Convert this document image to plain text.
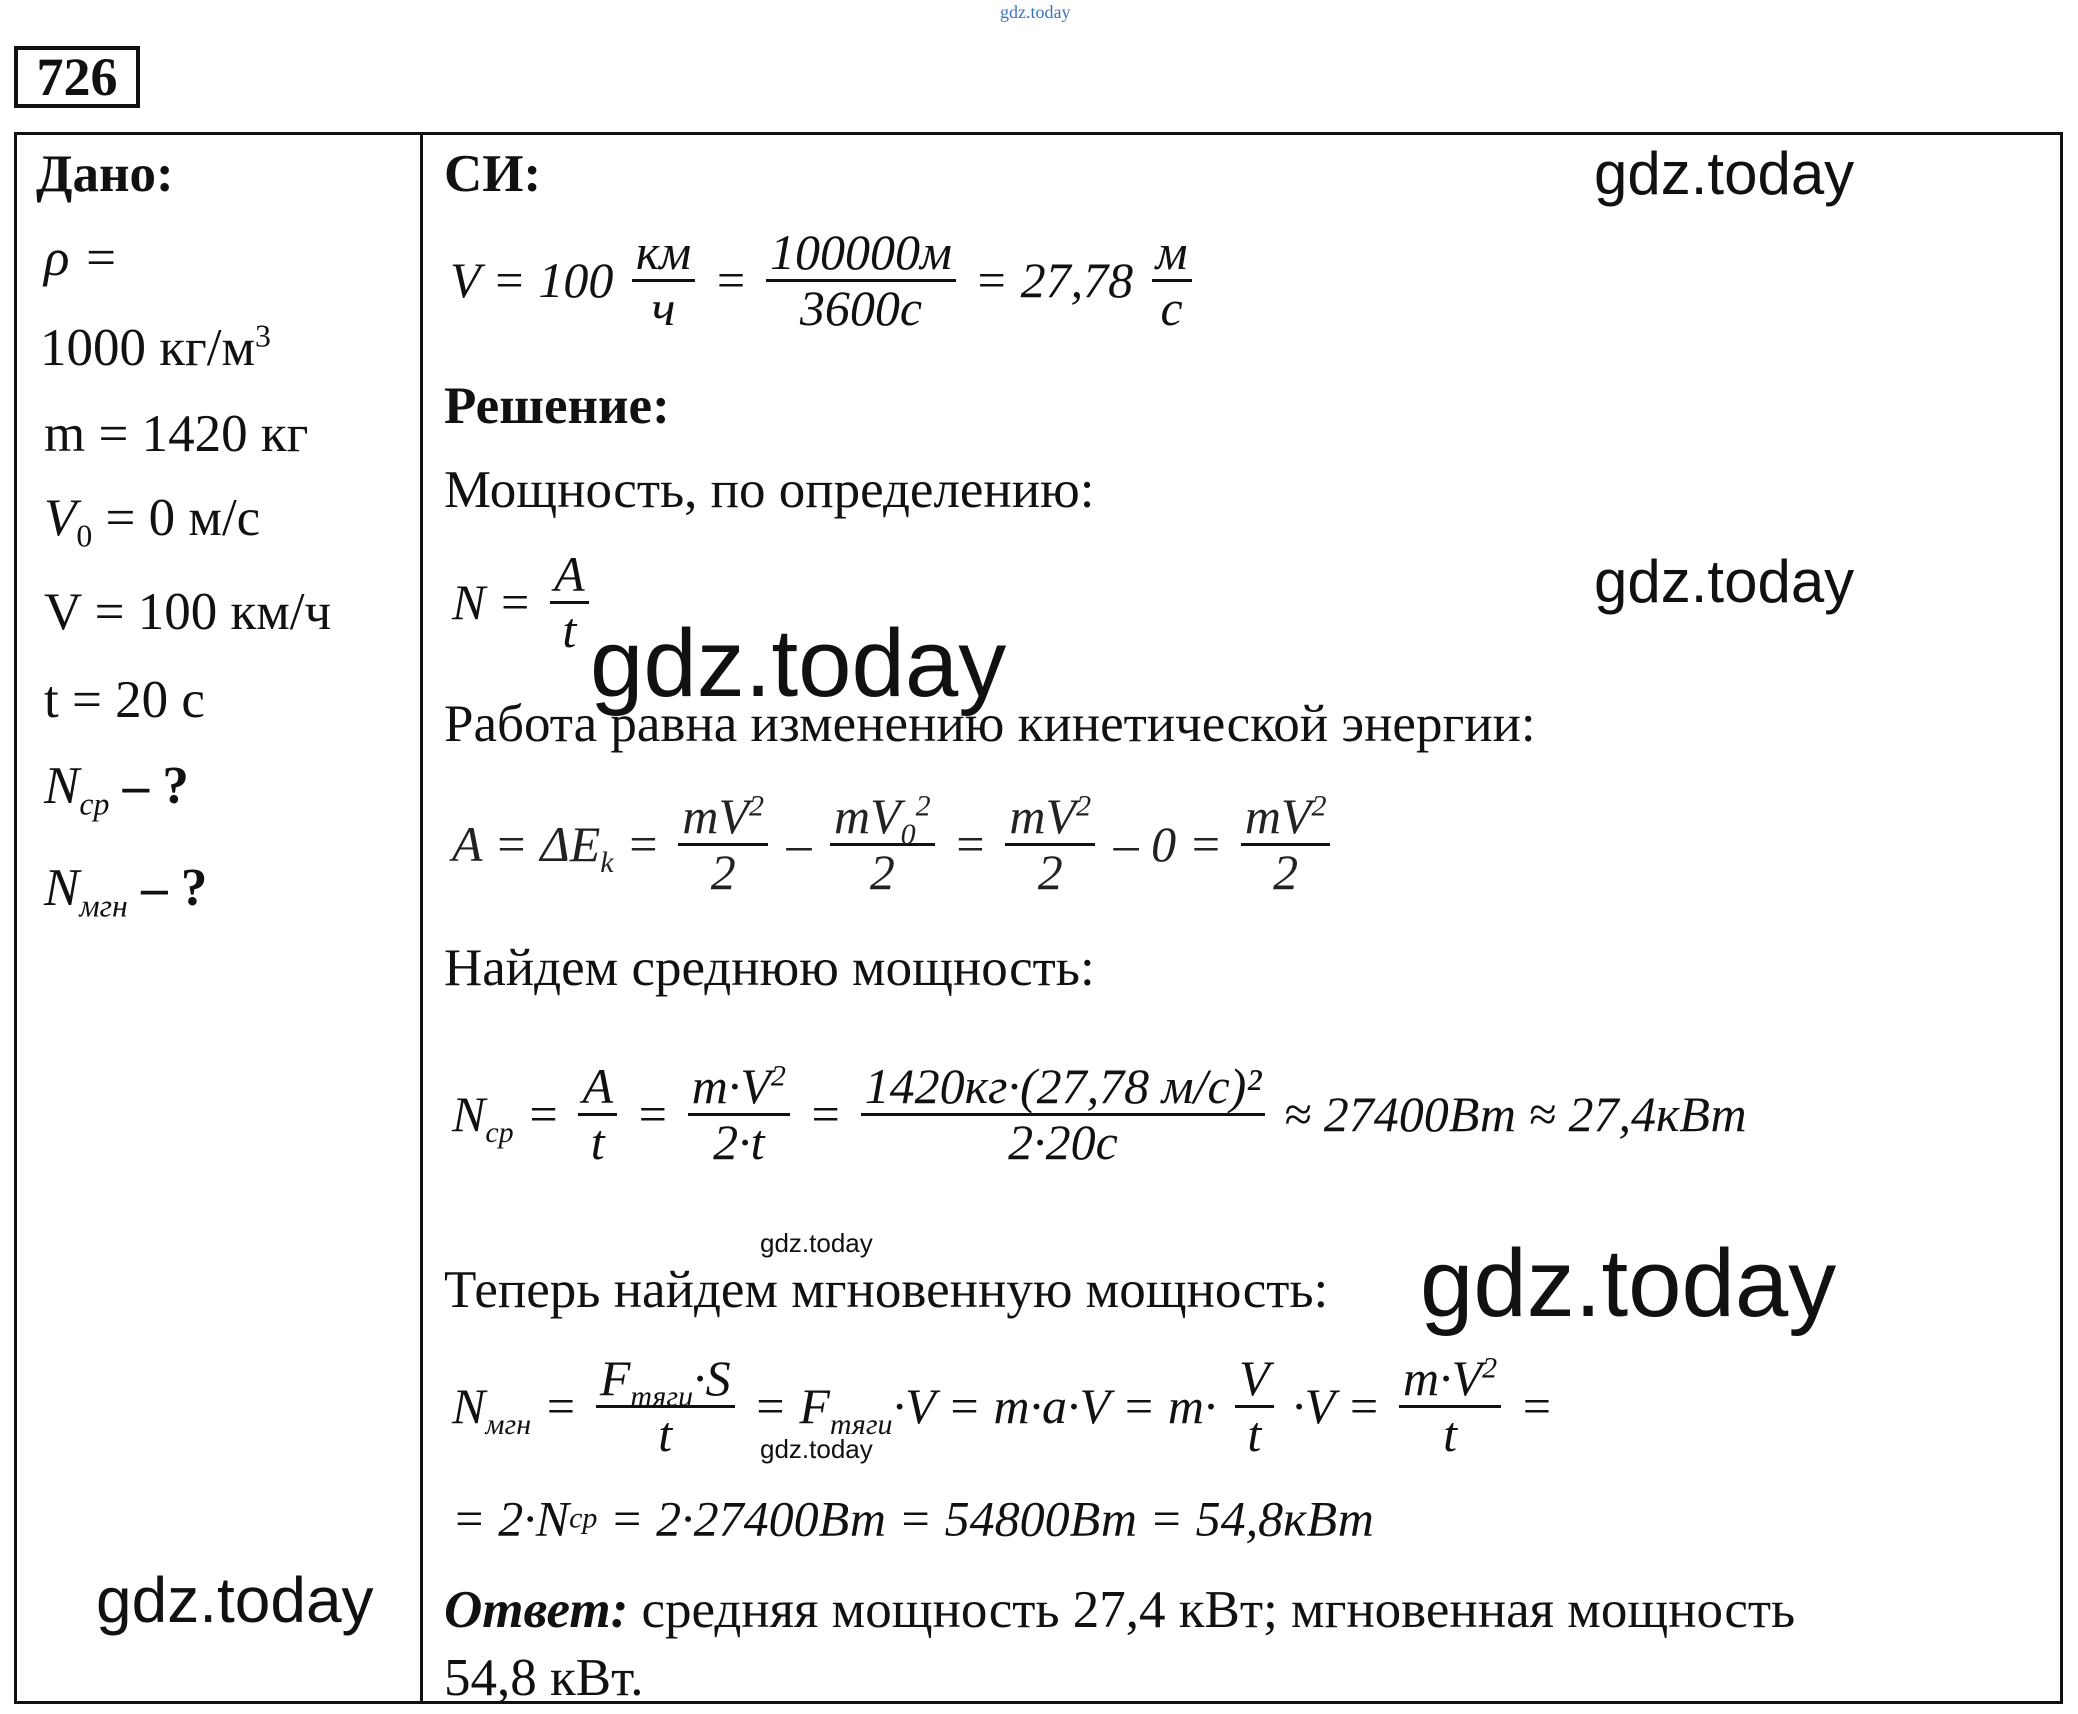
gdz.today
726
Дано:
ρ =
1000 $кг/м^3$
m = 1420 кг
$V_0 = 0$ м/с
V = 100 км/ч
t = 20 с
$N_{ср}$ – ?
$N_{мгн}$ – ?
СИ:
$V = 100 \frac{км}{ч} = \frac{100000м}{3600с} = 27,78 \frac{м}{с}$
Решение:
Мощность, по определению:
$N = \frac{A}{t}$
Работа равна изменению кинетической энергии:
$A = \Delta E_k = \frac{mV^2}{2} - \frac{mV_0^2}{2} = \frac{mV^2}{2} - 0 = \frac{mV^2}{2}$
Найдем среднюю мощность:
$N_{ср} = \frac{A}{t} = \frac{m\cdot V^2}{2\cdot t} = \frac{\text{1420кг·(27,78 м/с)²}}{2\cdot 20с} \approx 27400Вт \approx 27,4кВт$
Теперь найдем мгновенную мощность:
$N_{мгн} = \frac{F_{тяги}\cdot S}{t} = F_{тяги}\cdot V = m\cdot a\cdot V = m\cdot \frac{V}{t} \cdot V = \frac{m\cdot V^2}{t}$ =
= 2·Nср = 2·27400Вт = 54800Вт = 54,8кВт
Ответ: средняя мощность 27,4 кВт; мгновенная мощность
54,8 кВт.
gdz.today
gdz.today
gdz.today
gdz.today	gdz.today
gdz.today
gdz.today
